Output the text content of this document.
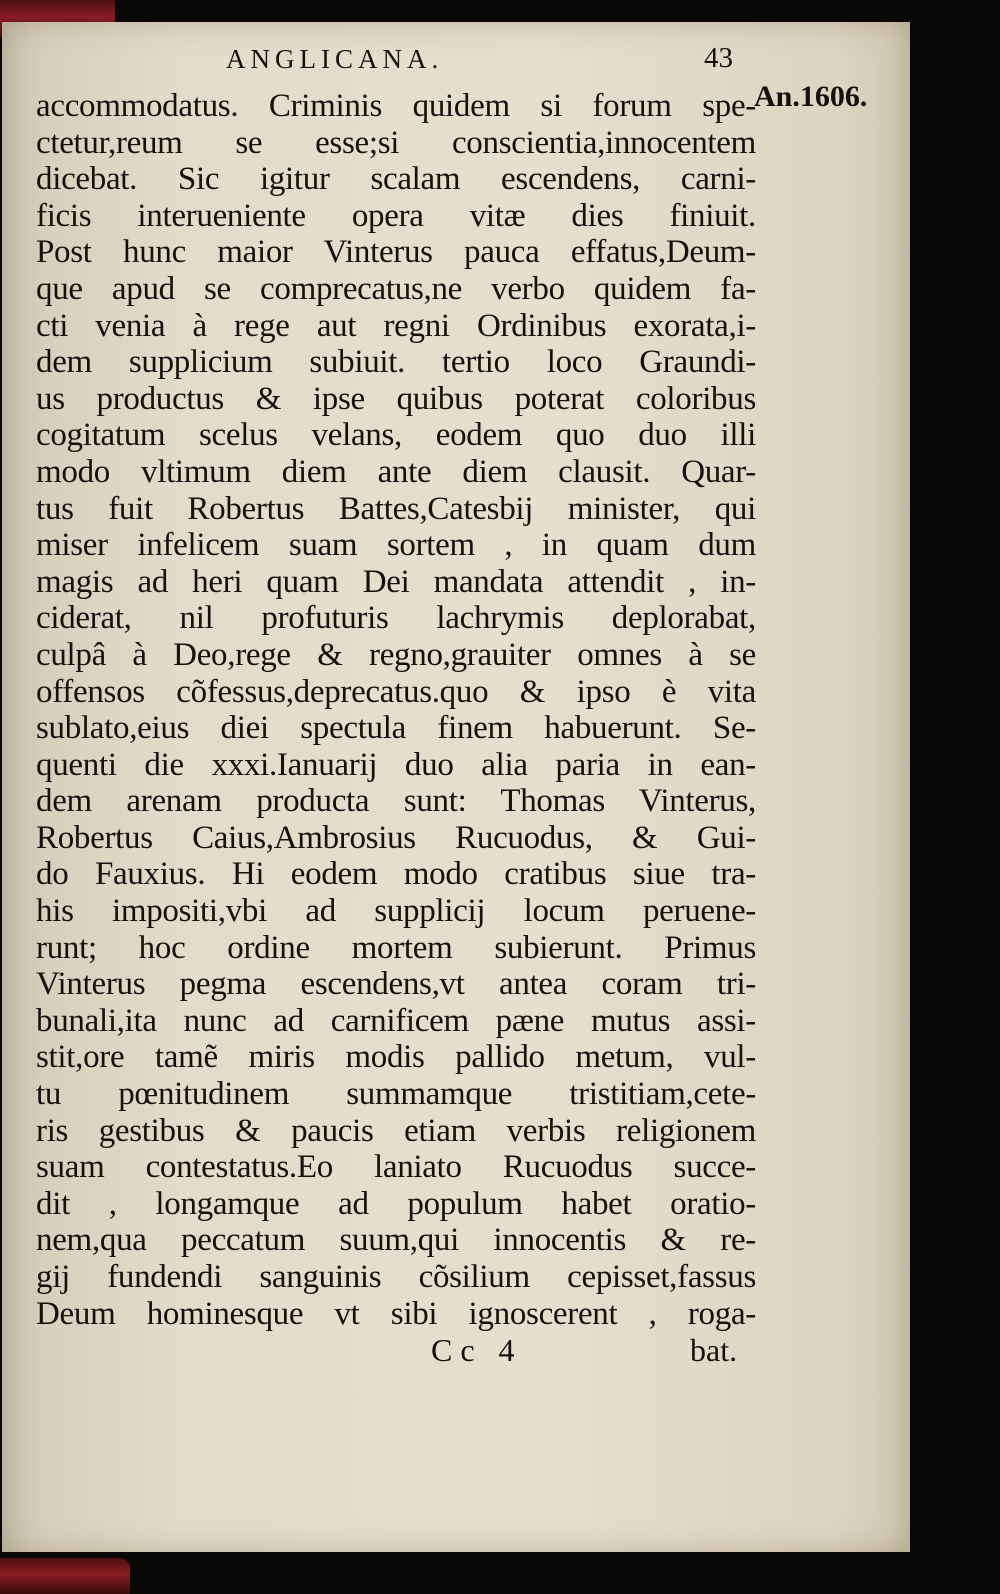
ANGLICANA.	43
accommodatus. Criminis quidem si forum spe-
ctetur,reum se esse;si conscientia,innocentem
dicebat. Sic igitur scalam escendens, carni-
ficis interueniente opera vitæ dies finiuit.
Post hunc maior Vinterus pauca effatus,Deum-
que apud se comprecatus,ne verbo quidem fa-
cti venia à rege aut regni Ordinibus exorata,i-
dem supplicium subiuit. tertio loco Graundi-
us productus & ipse quibus poterat coloribus
cogitatum scelus velans, eodem quo duo illi
modo vltimum diem ante diem clausit. Quar-
tus fuit Robertus Battes,Catesbij minister, qui
miser infelicem suam sortem , in quam dum
magis ad heri quam Dei mandata attendit , in-
ciderat, nil profuturis lachrymis deplorabat,
culpâ à Deo,rege & regno,grauiter omnes à se
offensos cõfessus,deprecatus.quo & ipso è vita
sublato,eius diei spectula finem habuerunt. Se-
quenti die xxxi.Ianuarij duo alia paria in ean-
dem arenam producta sunt: Thomas Vinterus,
Robertus Caius,Ambrosius Rucuodus, & Gui-
do Fauxius. Hi eodem modo cratibus siue tra-
his impositi,vbi ad supplicij locum peruene-
runt; hoc ordine mortem subierunt. Primus
Vinterus pegma escendens,vt antea coram tri-
bunali,ita nunc ad carnificem pæne mutus assi-
stit,ore tamẽ miris modis pallido metum, vul-
tu pœnitudinem summamque tristitiam,cete-
ris gestibus & paucis etiam verbis religionem
suam contestatus.Eo laniato Rucuodus succe-
dit , longamque ad populum habet oratio-
nem,qua peccatum suum,qui innocentis & re-
gij fundendi sanguinis cõsilium cepisset,fassus
Deum hominesque vt sibi ignoscerent , roga-
Cc 4	bat.
An.1606.
